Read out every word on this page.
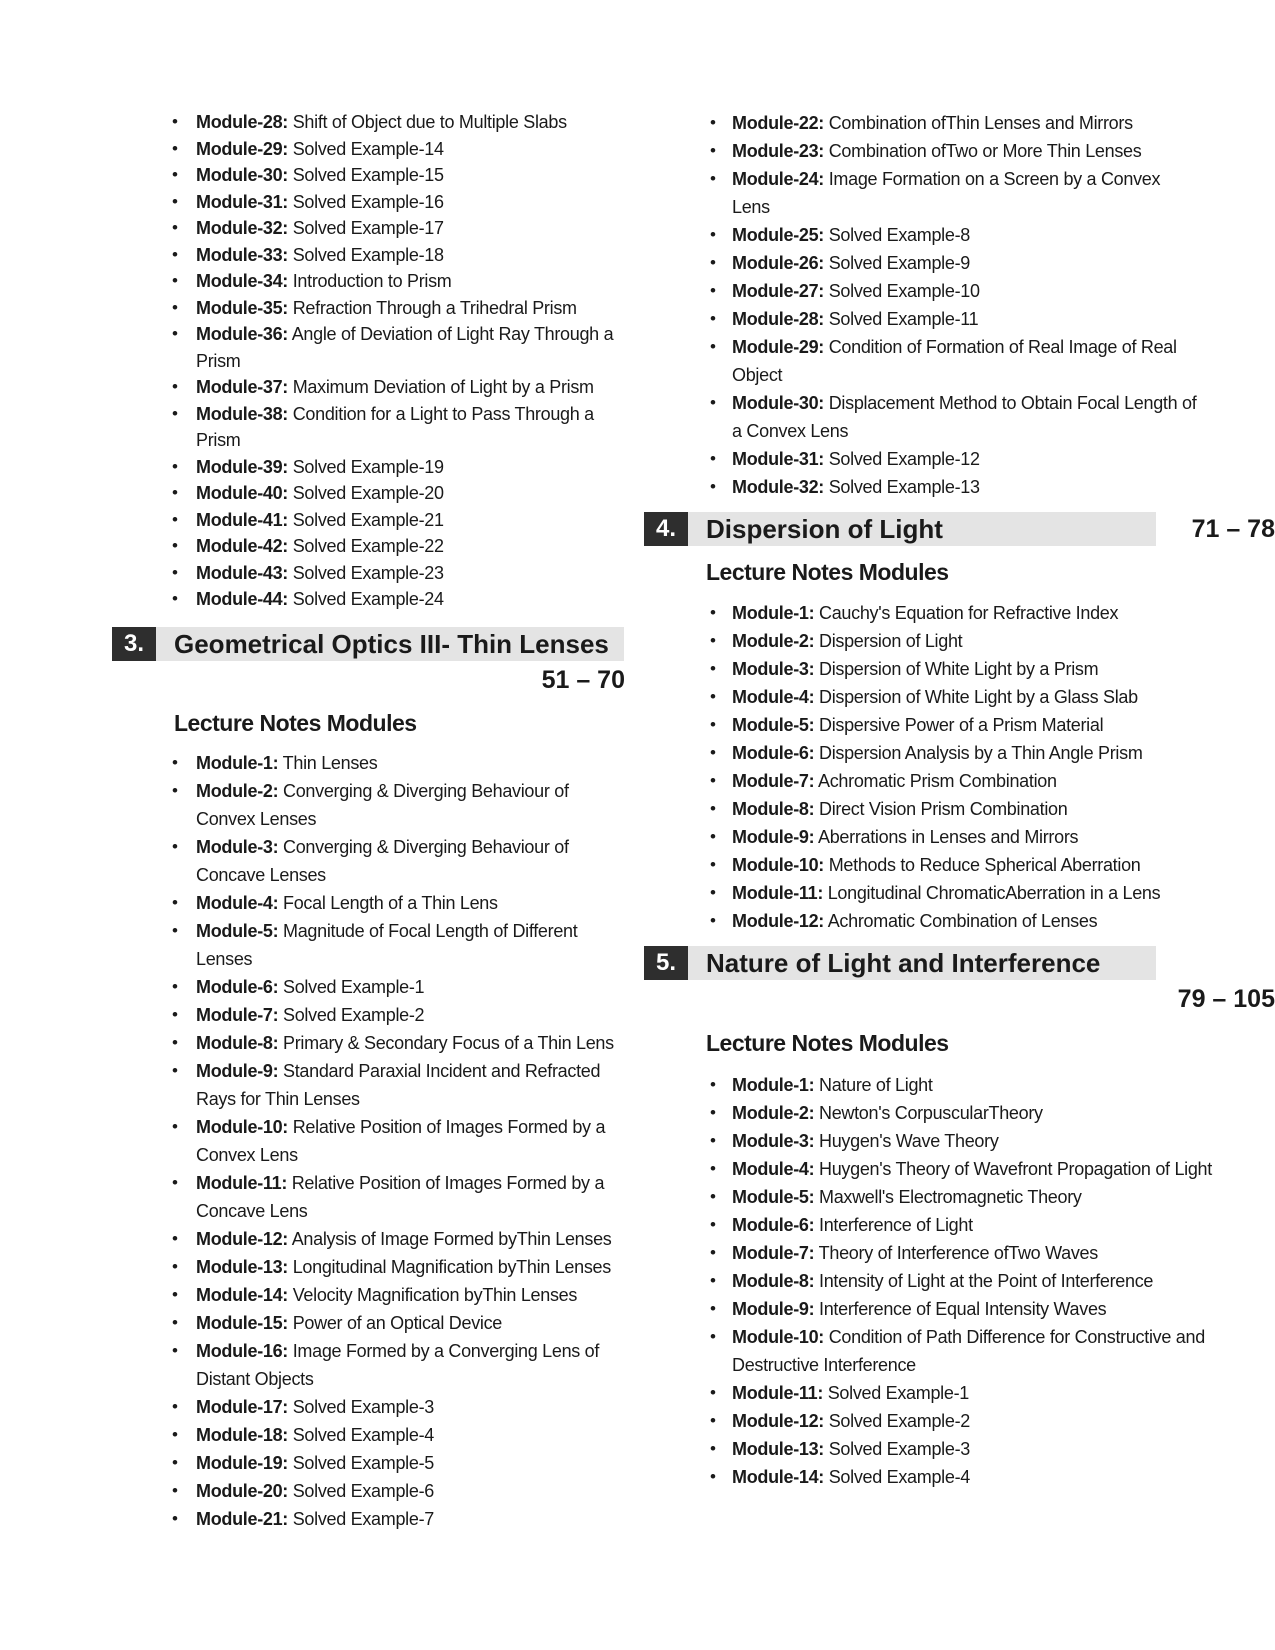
• Module-28: Shift of Object due to Multiple Slabs
• Module-29: Solved Example-14
• Module-30: Solved Example-15
• Module-31: Solved Example-16
• Module-32: Solved Example-17
• Module-33: Solved Example-18
• Module-34: Introduction to Prism
• Module-35: Refraction Through a Trihedral Prism
• Module-36: Angle of Deviation of Light Ray Through a Prism
• Module-37: Maximum Deviation of Light by a Prism
• Module-38: Condition for a Light to Pass Through a Prism
• Module-39: Solved Example-19
• Module-40: Solved Example-20
• Module-41: Solved Example-21
• Module-42: Solved Example-22
• Module-43: Solved Example-23
• Module-44: Solved Example-24
3.	Geometrical Optics III- Thin Lenses
51 – 70
Lecture Notes Modules
• Module-1: Thin Lenses
• Module-2: Converging & Diverging Behaviour of Convex Lenses
• Module-3: Converging & Diverging Behaviour of Concave Lenses
• Module-4: Focal Length of a Thin Lens
• Module-5: Magnitude of Focal Length of Different Lenses
• Module-6: Solved Example-1
• Module-7: Solved Example-2
• Module-8: Primary & Secondary Focus of a Thin Lens
• Module-9: Standard Paraxial Incident and Refracted Rays for Thin Lenses
• Module-10: Relative Position of Images Formed by a Convex Lens
• Module-11: Relative Position of Images Formed by a Concave Lens
• Module-12: Analysis of Image Formed byThin Lenses
• Module-13: Longitudinal Magnification byThin Lenses
• Module-14: Velocity Magnification byThin Lenses
• Module-15: Power of an Optical Device
• Module-16: Image Formed by a Converging Lens of Distant Objects
• Module-17: Solved Example-3
• Module-18: Solved Example-4
• Module-19: Solved Example-5
• Module-20: Solved Example-6
• Module-21: Solved Example-7
• Module-22: Combination ofThin Lenses and Mirrors
• Module-23: Combination ofTwo or More Thin Lenses
• Module-24: Image Formation on a Screen by a Convex Lens
• Module-25: Solved Example-8
• Module-26: Solved Example-9
• Module-27: Solved Example-10
• Module-28: Solved Example-11
• Module-29: Condition of Formation of Real Image of Real Object
• Module-30: Displacement Method to Obtain Focal Length of a Convex Lens
• Module-31: Solved Example-12
• Module-32: Solved Example-13
4.	Dispersion of Light	71 – 78
Lecture Notes Modules
• Module-1: Cauchy's Equation for Refractive Index
• Module-2: Dispersion of Light
• Module-3: Dispersion of White Light by a Prism
• Module-4: Dispersion of White Light by a Glass Slab
• Module-5: Dispersive Power of a Prism Material
• Module-6: Dispersion Analysis by a Thin Angle Prism
• Module-7: Achromatic Prism Combination
• Module-8: Direct Vision Prism Combination
• Module-9: Aberrations in Lenses and Mirrors
• Module-10: Methods to Reduce Spherical Aberration
• Module-11: Longitudinal ChromaticAberration in a Lens
• Module-12: Achromatic Combination of Lenses
5.	Nature of Light and Interference
79 – 105
Lecture Notes Modules
• Module-1: Nature of Light
• Module-2: Newton's CorpuscularTheory
• Module-3: Huygen's Wave Theory
• Module-4: Huygen's Theory of Wavefront Propagation of Light
• Module-5: Maxwell's Electromagnetic Theory
• Module-6: Interference of Light
• Module-7: Theory of Interference ofTwo Waves
• Module-8: Intensity of Light at the Point of Interference
• Module-9: Interference of Equal Intensity Waves
• Module-10: Condition of Path Difference for Constructive and Destructive Interference
• Module-11: Solved Example-1
• Module-12: Solved Example-2
• Module-13: Solved Example-3
• Module-14: Solved Example-4
